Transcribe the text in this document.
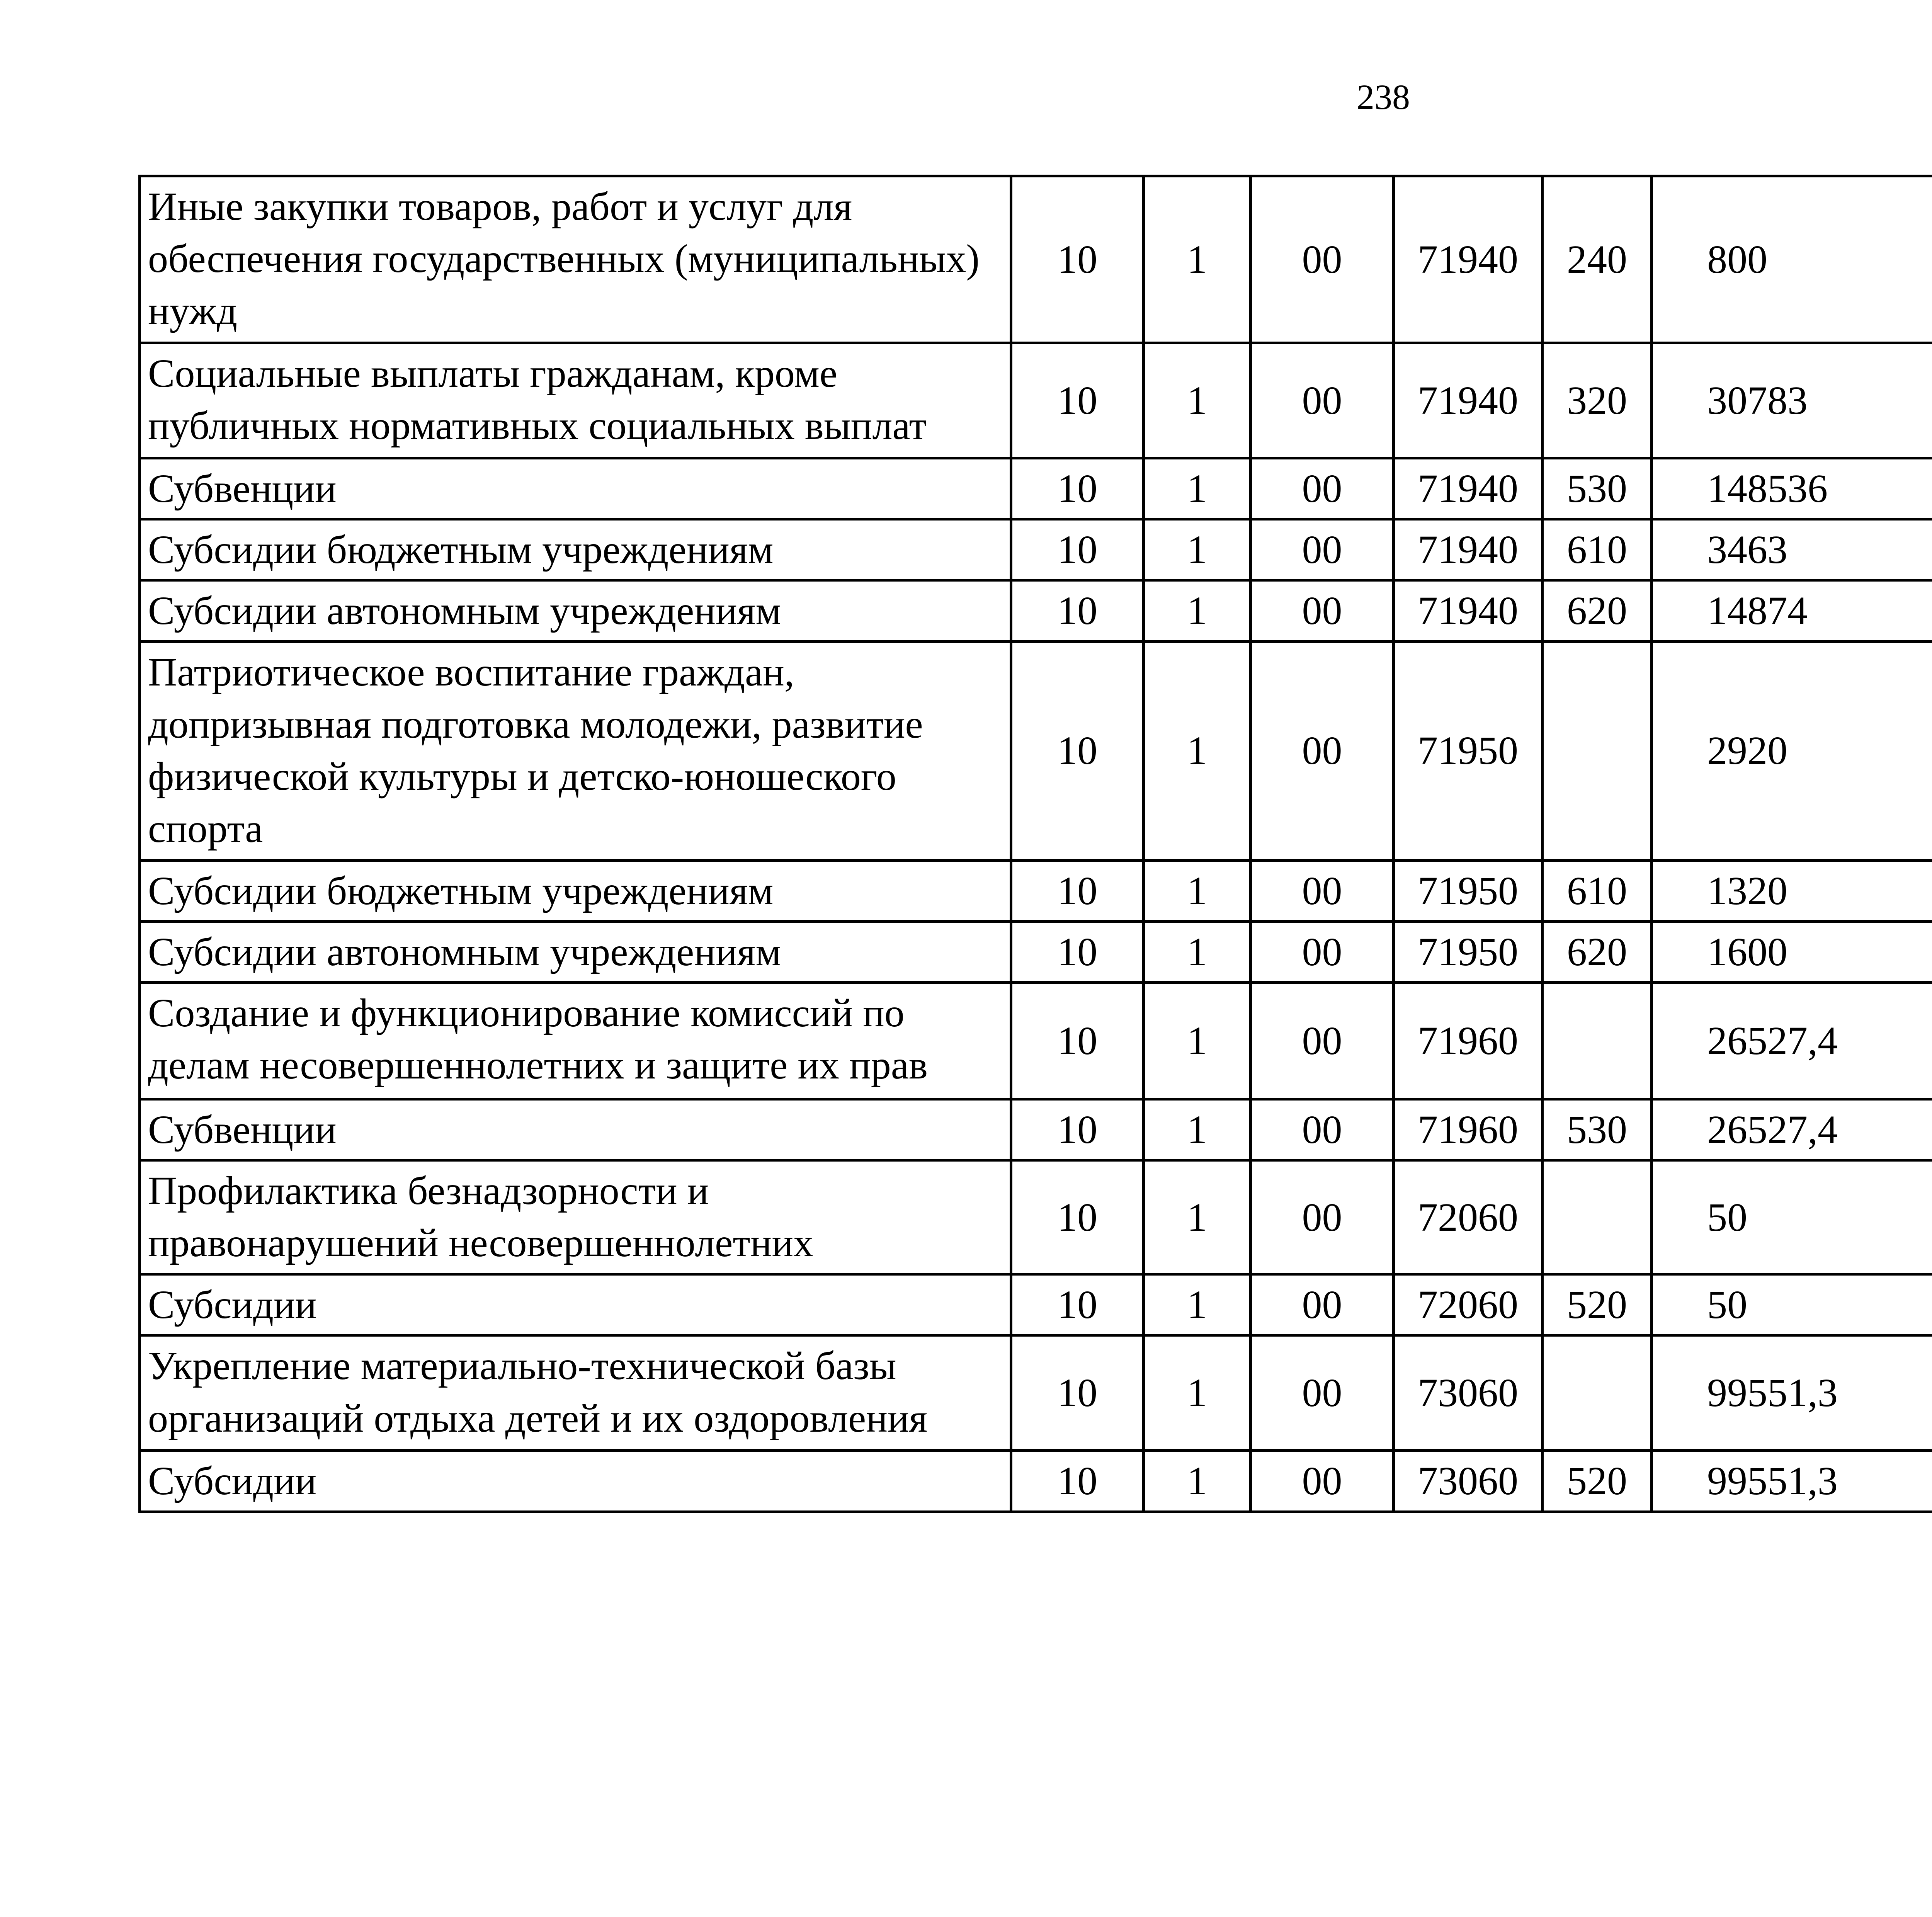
238
Иные закупки товаров, работ и услуг для обеспечения государственных (муниципальных) нужд	10	1	00	71940	240	800		
Социальные выплаты гражданам, кроме публичных нормативных социальных выплат	10	1	00	71940	320	30783		
Субвенции	10	1	00	71940	530	148536		
Субсидии бюджетным учреждениям	10	1	00	71940	610	3463		
Субсидии автономным учреждениям	10	1	00	71940	620	14874		
Патриотическое воспитание граждан, допризывная подготовка молодежи, развитие физической культуры и детско-юношеского спорта	10	1	00	71950		2920		
Субсидии бюджетным учреждениям	10	1	00	71950	610	1320		
Субсидии автономным учреждениям	10	1	00	71950	620	1600		
Создание и функционирование комиссий по делам несовершеннолетних и защите их прав	10	1	00	71960		26527,4		
Субвенции	10	1	00	71960	530	26527,4		
Профилактика безнадзорности и правонарушений несовершеннолетних	10	1	00	72060		50		
Субсидии	10	1	00	72060	520	50		
Укрепление материально-технической базы организаций отдыха детей и их оздоровления	10	1	00	73060		99551,3		
Субсидии	10	1	00	73060	520	99551,3		
